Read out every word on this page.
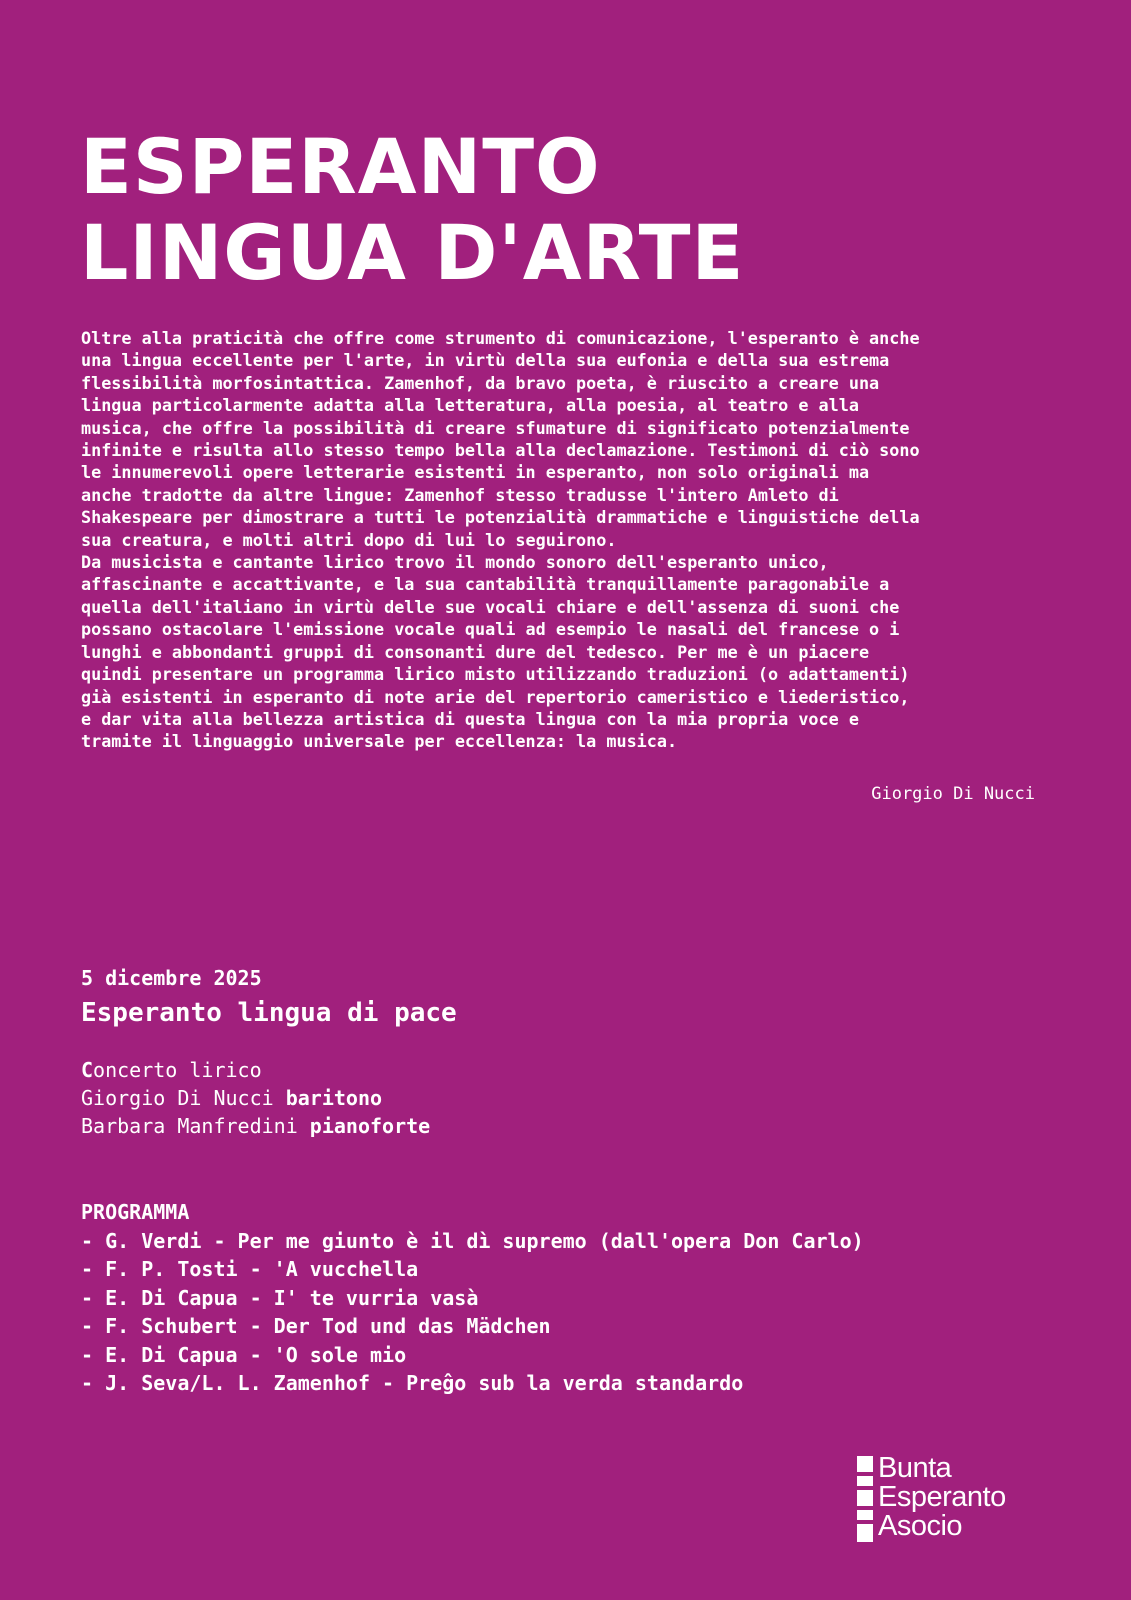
ESPERANTO
LINGUA D'ARTE
Oltre alla praticità che offre come strumento di comunicazione, l'esperanto è anche
una lingua eccellente per l'arte, in virtù della sua eufonia e della sua estrema
flessibilità morfosintattica. Zamenhof, da bravo poeta, è riuscito a creare una
lingua particolarmente adatta alla letteratura, alla poesia, al teatro e alla
musica, che offre la possibilità di creare sfumature di significato potenzialmente
infinite e risulta allo stesso tempo bella alla declamazione. Testimoni di ciò sono
le innumerevoli opere letterarie esistenti in esperanto, non solo originali ma
anche tradotte da altre lingue: Zamenhof stesso tradusse l'intero Amleto di
Shakespeare per dimostrare a tutti le potenzialità drammatiche e linguistiche della
sua creatura, e molti altri dopo di lui lo seguirono.
Da musicista e cantante lirico trovo il mondo sonoro dell'esperanto unico,
affascinante e accattivante, e la sua cantabilità tranquillamente paragonabile a
quella dell'italiano in virtù delle sue vocali chiare e dell'assenza di suoni che
possano ostacolare l'emissione vocale quali ad esempio le nasali del francese o i
lunghi e abbondanti gruppi di consonanti dure del tedesco. Per me è un piacere
quindi presentare un programma lirico misto utilizzando traduzioni (o adattamenti)
già esistenti in esperanto di note arie del repertorio cameristico e liederistico,
e dar vita alla bellezza artistica di questa lingua con la mia propria voce e
tramite il linguaggio universale per eccellenza: la musica.
Giorgio Di Nucci
5 dicembre 2025
Esperanto lingua di pace
Concerto lirico
Giorgio Di Nucci baritono
Barbara Manfredini pianoforte
PROGRAMMA
- G. Verdi - Per me giunto è il dì supremo (dall'opera Don Carlo)
- F. P. Tosti - 'A vucchella
- E. Di Capua - I' te vurria vasà
- F. Schubert - Der Tod und das Mädchen
- E. Di Capua - 'O sole mio
- J. Seva/L. L. Zamenhof - Preĝo sub la verda standardo
Bunta
Esperanto
Asocio
